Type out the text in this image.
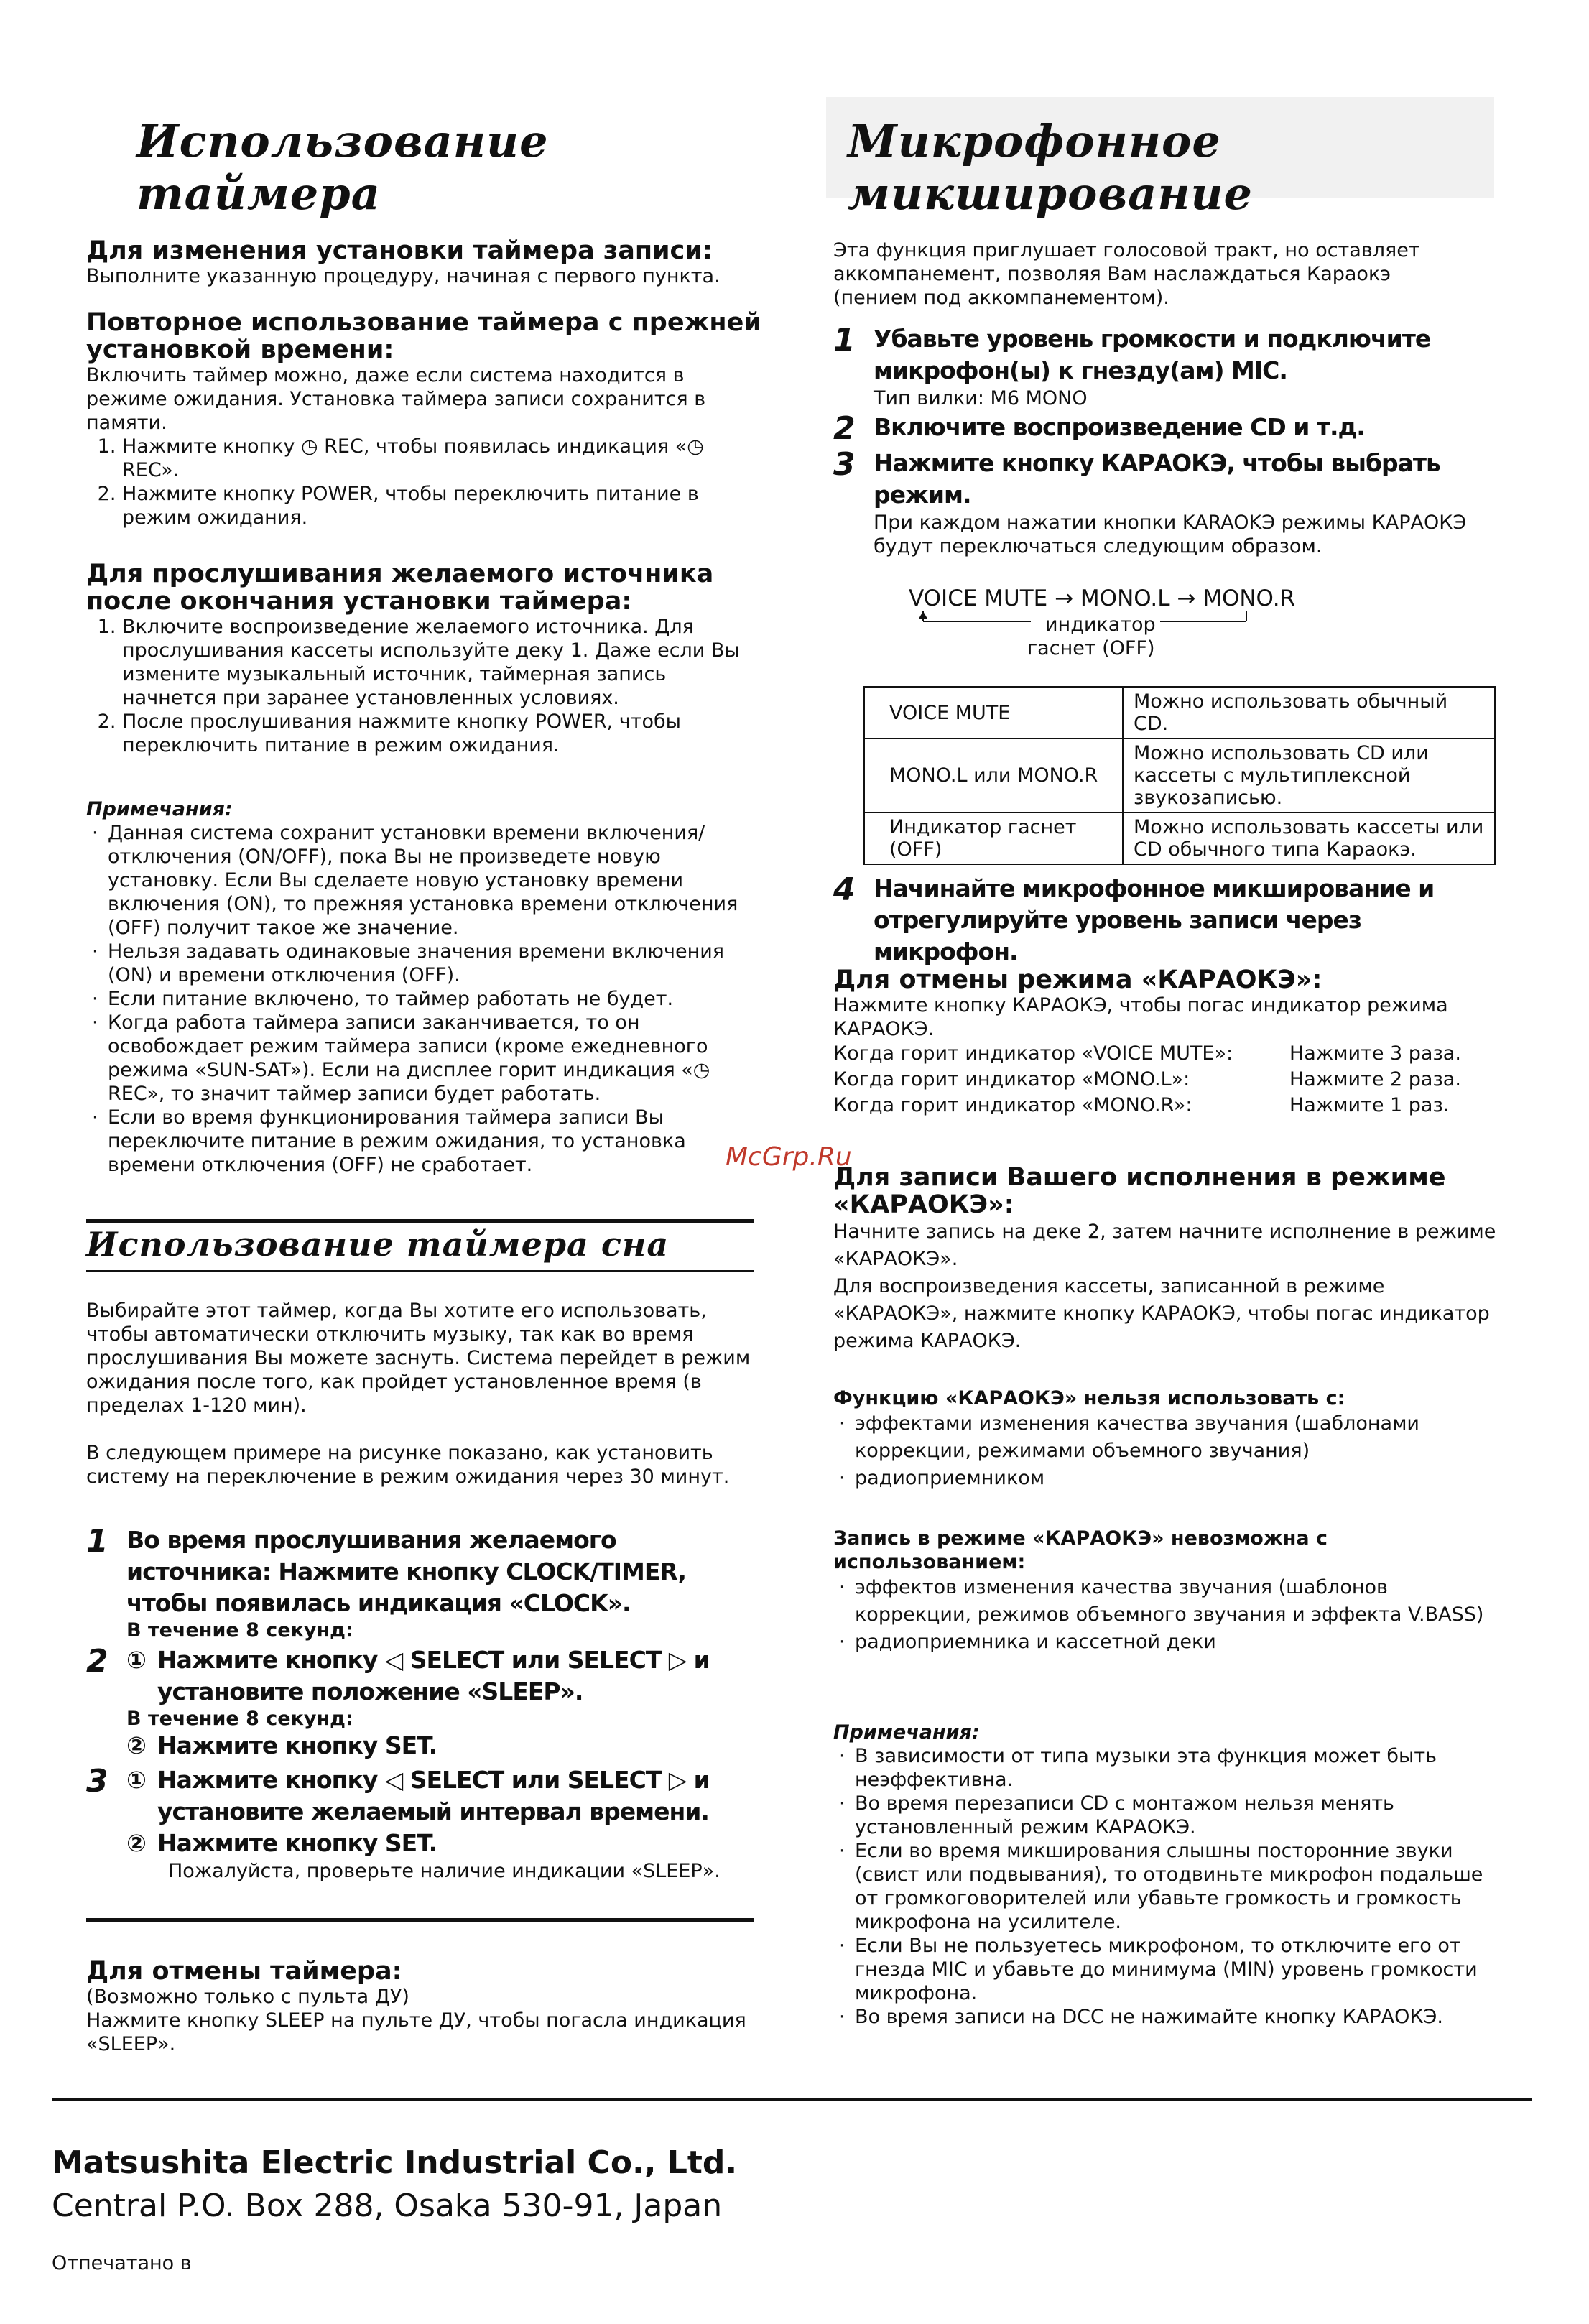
Использование таймера
Для изменения установки таймера записи:

Выполните указанную процедуру, начиная с первого пункта.

Повторное использование таймера с прежней установкой времени:

Включить таймер можно, даже если система находится в режиме ожидания. Установка таймера записи сохранится в памяти.

1. Нажмите кнопку ◷ REC, чтобы появилась индикация «◷ REC».
2. Нажмите кнопку POWER, чтобы переключить питание в режим ожидания.
Для прослушивания желаемого источника после окончания установки таймера:
1. Включите воспроизведение желаемого источника. Для прослушивания кассеты используйте деку 1. Даже если Вы измените музыкальный источник, таймерная запись начнется при заранее установленных условиях.
2. После прослушивания нажмите кнопку POWER, чтобы переключить питание в режим ожидания.

Примечания:

· Данная система сохранит установки времени включения/отключения (ON/OFF), пока Вы не произведете новую установку. Если Вы сделаете новую установку времени включения (ON), то прежняя установка времени отключения (OFF) получит такое же значение.
· Нельзя задавать одинаковые значения времени включения (ON) и времени отключения (OFF).
· Если питание включено, то таймер работать не будет.
· Когда работа таймера записи заканчивается, то он освобождает режим таймера записи (кроме ежедневного режима «SUN-SAT»). Если на дисплее горит индикация «◷ REC», то значит таймер записи будет работать.
· Если во время функционирования таймера записи Вы переключите питание в режим ожидания, то установка времени отключения (OFF) не сработает.
Использование таймера сна

Выбирайте этот таймер, когда Вы хотите его использовать, чтобы автоматически отключить музыку, так как во время прослушивания Вы можете заснуть. Система перейдет в режим ожидания после того, как пройдет установленное время (в пределах 1-120 мин).

В следующем примере на рисунке показано, как установить систему на переключение в режим ожидания через 30 минут.

1 Во время прослушивания желаемого источника: Нажмите кнопку CLOCK/TIMER, чтобы появилась индикация «CLOCK».
В течение 8 секунд:
2 ① Нажмите кнопку ◁ SELECT или SELECT ▷ и установите положение «SLEEP».
В течение 8 секунд:
② Нажмите кнопку SET.
3 ① Нажмите кнопку ◁ SELECT или SELECT ▷ и установите желаемый интервал времени.
② Нажмите кнопку SET.

Пожалуйста, проверьте наличие индикации «SLEEP».

Для отмены таймера:

(Возможно только с пульта ДУ)

Нажмите кнопку SLEEP на пульте ДУ, чтобы погасла индикация «SLEEP».

Микрофонное микширование

Эта функция приглушает голосовой тракт, но оставляет аккомпанемент, позволяя Вам наслаждаться Караокэ (пением под аккомпанементом).

1 Убавьте уровень громкости и подключите микрофон(ы) к гнезду(ам) MIC.

Тип вилки: M6 MONO

2 Включите воспроизведение CD и т.д.
3 Нажмите кнопку КАРАОКЭ, чтобы выбрать режим.

При каждом нажатии кнопки KARAOKЭ режимы КАРАОКЭ будут переключаться следующим образом.

VOICE MUTE → MONO.L → MONO.R
индикатор
гаснет (OFF)
VOICE MUTE	Можно использовать обычный CD.
MONO.L или MONO.R	Можно использовать CD или кассеты с мультиплексной звукозаписью.
Индикатор гаснет (OFF)	Можно использовать кассеты или CD обычного типа Караокэ.
4 Начинайте микрофонное микширование и отрегулируйте уровень записи через микрофон.
Для отмены режима «КАРАОКЭ»:

Нажмите кнопку КАРАОКЭ, чтобы погас индикатор режима КАРАОКЭ.

Когда горит индикатор «VOICE MUTE»:	Нажмите 3 раза.
Когда горит индикатор «MONO.L»:	Нажмите 2 раза.
Когда горит индикатор «MONO.R»:	Нажмите 1 раз.
Для записи Вашего исполнения в режиме «КАРАОКЭ»:

Начните запись на деке 2, затем начните исполнение в режиме «КАРАОКЭ».

Для воспроизведения кассеты, записанной в режиме «КАРАОКЭ», нажмите кнопку КАРАОКЭ, чтобы погас индикатор режима КАРАОКЭ.

Функцию «КАРАОКЭ» нельзя использовать с:

· эффектами изменения качества звучания (шаблонами коррекции, режимами объемного звучания)
· радиоприемником

Запись в режиме «КАРАОКЭ» невозможна с использованием:

· эффектов изменения качества звучания (шаблонов коррекции, режимов объемного звучания и эффекта V.BASS)
· радиоприемника и кассетной деки

Примечания:

· В зависимости от типа музыки эта функция может быть неэффективна.
· Во время перезаписи CD с монтажом нельзя менять установленный режим КАРАОКЭ.
· Если во время микширования слышны посторонние звуки (свист или подвывания), то отодвиньте микрофон подальше от громкоговорителей или убавьте громкость и громкость микрофона на усилителе.
· Если Вы не пользуетесь микрофоном, то отключите его от гнезда MIC и убавьте до минимума (MIN) уровень громкости микрофона.
· Во время записи на DCC не нажимайте кнопку КАРАОКЭ.
McGrp.Ru
Matsushita Electric Industrial Co., Ltd.
Central P.O. Box 288, Osaka 530-91, Japan
Отпечатано в
